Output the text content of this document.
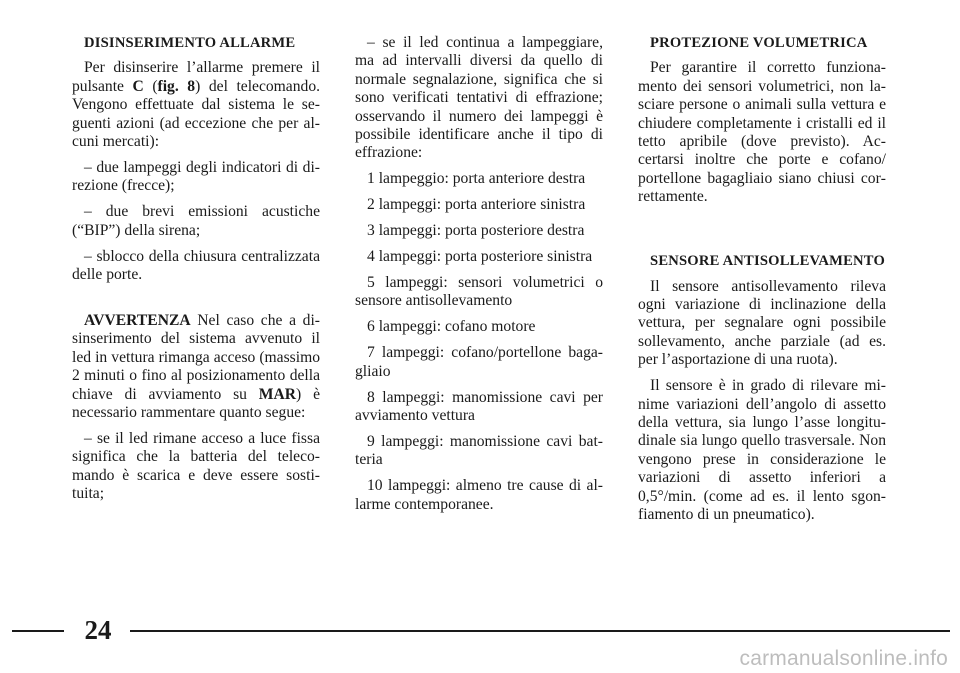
DISINSERIMENTO ALLARME

Per disinserire l’allarme premere il pulsante C (fig. 8) del telecomando. Vengono effettuate dal sistema le seguenti azioni (ad eccezione che per alcuni mercati):

– due lampeggi degli indicatori di direzione (frecce);

– due brevi emissioni acustiche (“BIP”) della sirena;

– sblocco della chiusura centralizzata delle porte.

AVVERTENZA Nel caso che a disinserimento del sistema avvenuto il led in vettura rimanga acceso (massimo 2 minuti o fino al posizionamento della chiave di avviamento su MAR) è necessario rammentare quanto segue:

– se il led rimane acceso a luce fissa significa che la batteria del telecomando è scarica e deve essere sostituita;

– se il led continua a lampeggiare, ma ad intervalli diversi da quello di normale segnalazione, significa che si sono verificati tentativi di effrazione; osservando il numero dei lampeggi è possibile identificare anche il tipo di effrazione:

1 lampeggio: porta anteriore destra

2 lampeggi: porta anteriore sinistra

3 lampeggi: porta posteriore destra

4 lampeggi: porta posteriore sinistra

5 lampeggi: sensori volumetrici o sensore antisollevamento

6 lampeggi: cofano motore

7 lampeggi: cofano/portellone bagagliaio

8 lampeggi: manomissione cavi per avviamento vettura

9 lampeggi: manomissione cavi batteria

10 lampeggi: almeno tre cause di allarme contemporanee.

PROTEZIONE VOLUMETRICA

Per garantire il corretto funzionamento dei sensori volumetrici, non lasciare persone o animali sulla vettura e chiudere completamente i cristalli ed il tetto apribile (dove previsto). Accertarsi inoltre che porte e cofano/ portellone bagagliaio siano chiusi correttamente.

SENSORE ANTISOLLEVAMENTO

Il sensore antisollevamento rileva ogni variazione di inclinazione della vettura, per segnalare ogni possibile sollevamento, anche parziale (ad es. per l’asportazione di una ruota).

Il sensore è in grado di rilevare minime variazioni dell’angolo di assetto della vettura, sia lungo l’asse longitudinale sia lungo quello trasversale. Non vengono prese in considerazione le variazioni di assetto inferiori a 0,5°/min. (come ad es. il lento sgonfiamento di un pneumatico).

24
carmanualsonline.info
